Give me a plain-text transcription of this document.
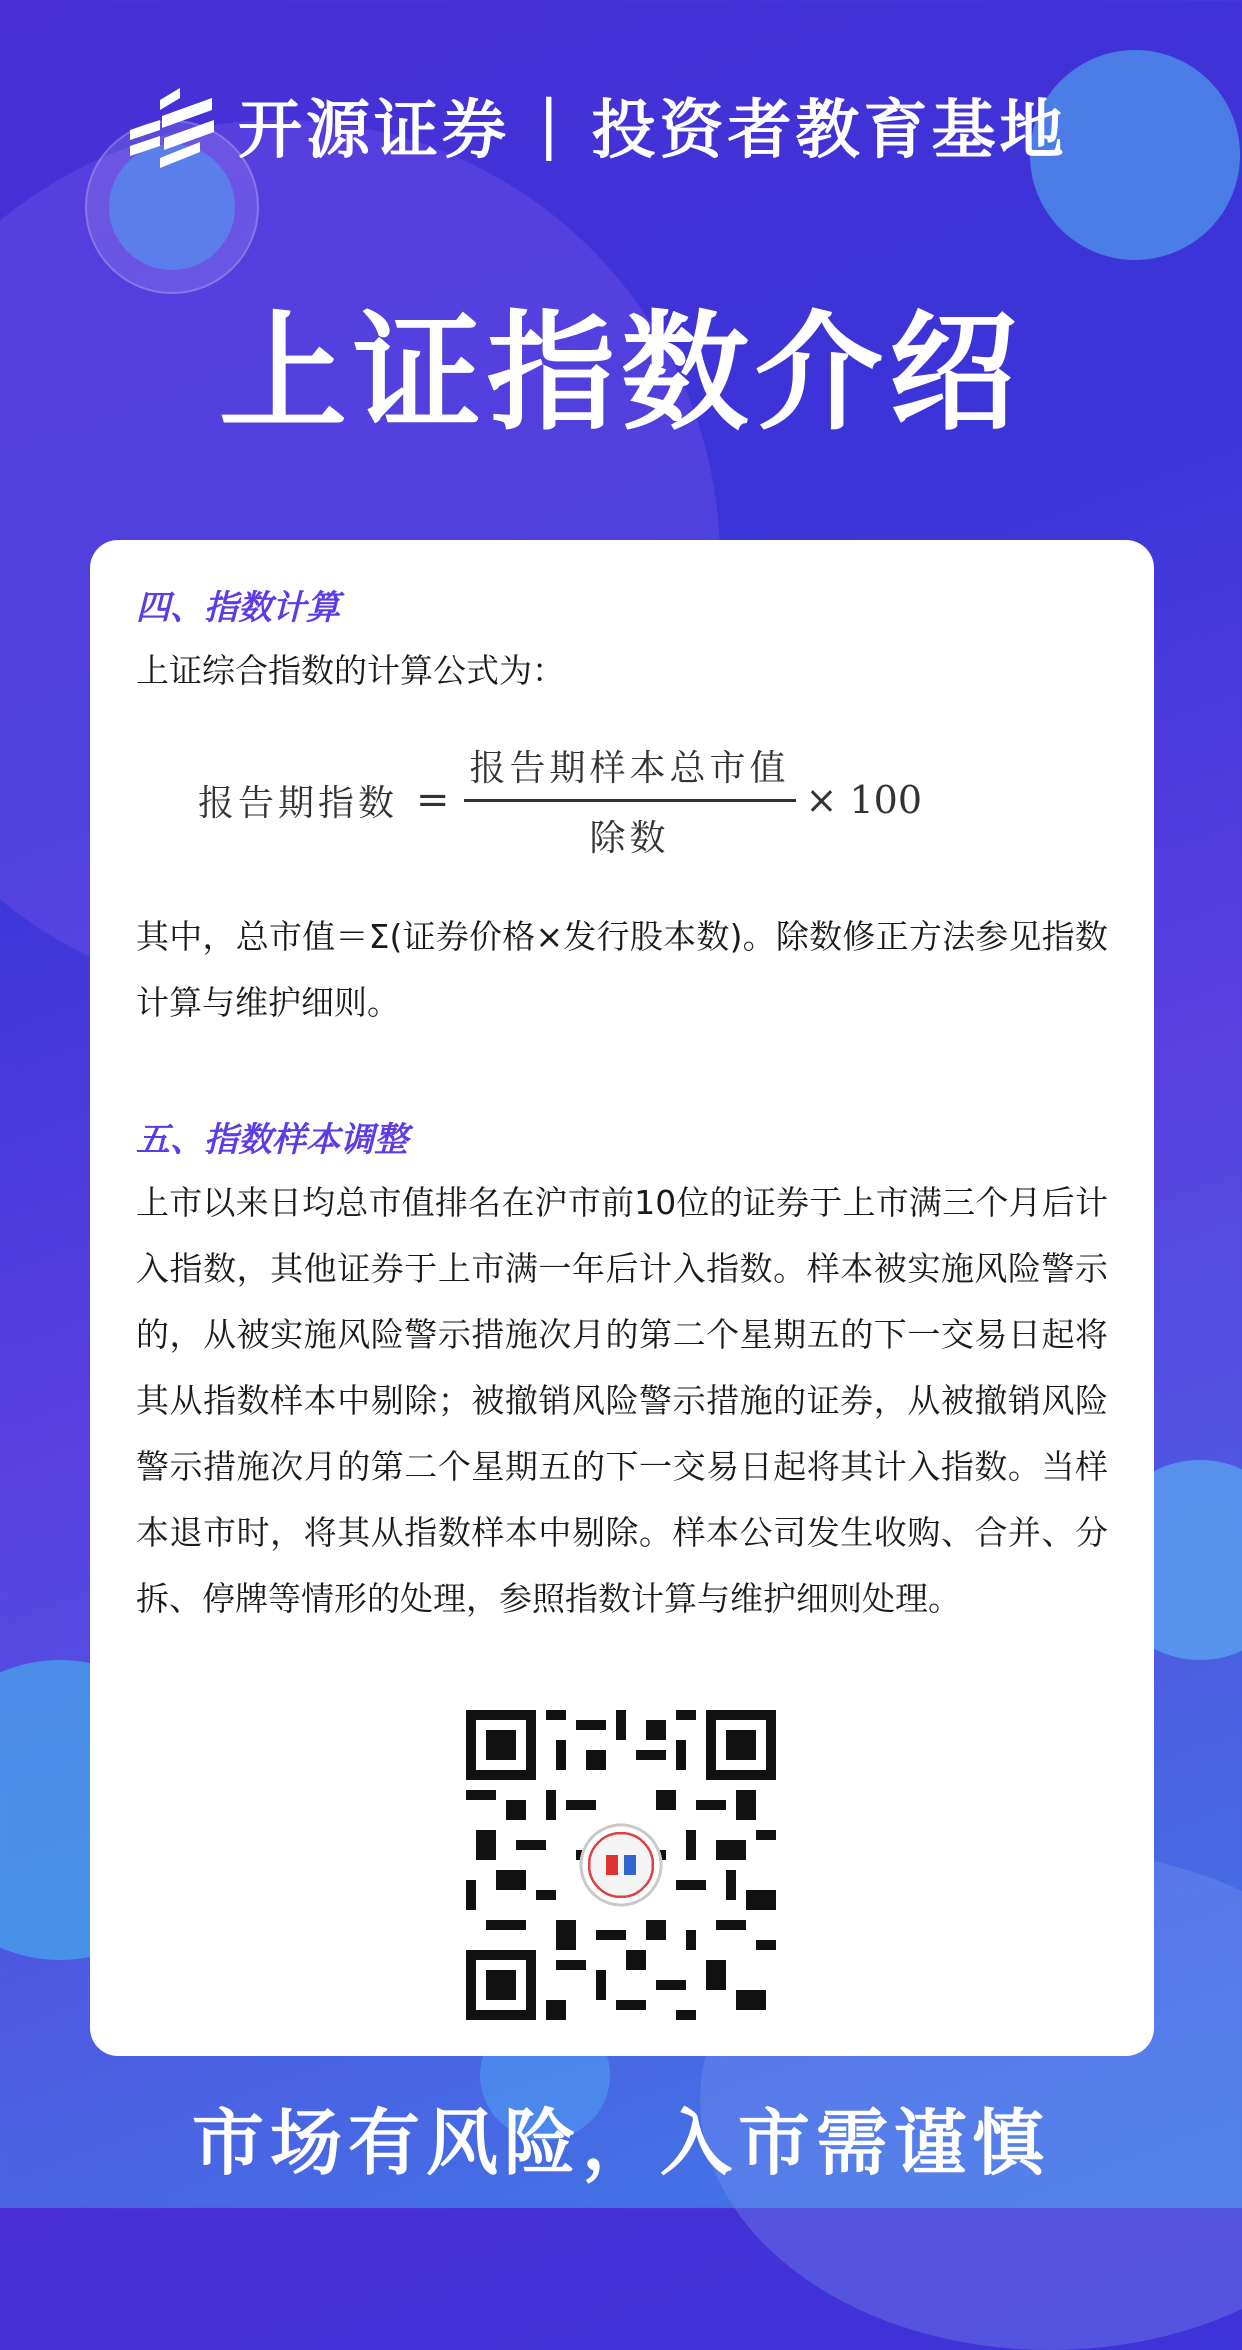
开源证券 | 投资者教育基地
上证指数介绍
四、指数计算
上证综合指数的计算公式为：
报告期指数 = $\frac{\text{报告期样本总市值}}{\text{除数}} \times 100$
其中，总市值＝Σ(证券价格×发行股本数)。除数修正方法参见指数计算与维护细则。
五、指数样本调整
上市以来日均总市值排名在沪市前10位的证券于上市满三个月后计入指数，其他证券于上市满一年后计入指数。样本被实施风险警示的，从被实施风险警示措施次月的第二个星期五的下一交易日起将其从指数样本中剔除；被撤销风险警示措施的证券，从被撤销风险警示措施次月的第二个星期五的下一交易日起将其计入指数。当样本退市时，将其从指数样本中剔除。样本公司发生收购、合并、分拆、停牌等情形的处理，参照指数计算与维护细则处理。
市场有风险，入市需谨慎
